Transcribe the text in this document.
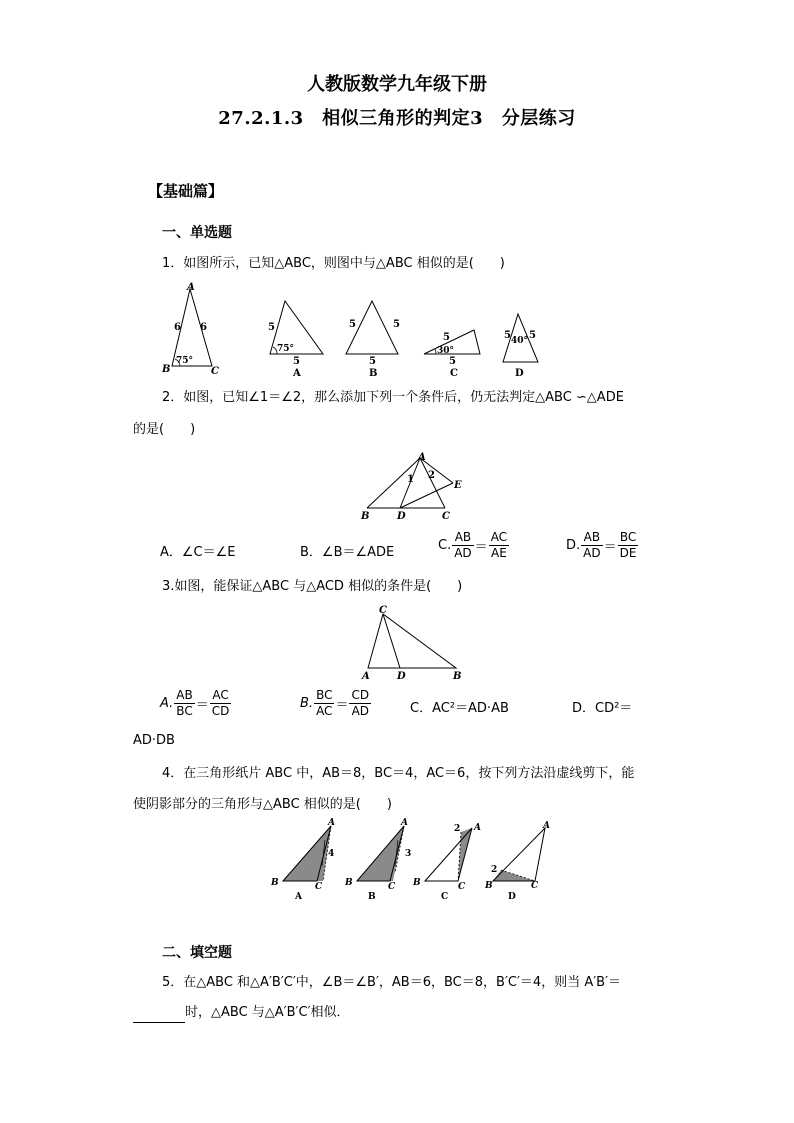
人教版数学九年级下册
27.2.1.3　相似三角形的判定3　分层练习
【基础篇】
一、单选题
1．如图所示，已知△ABC，则图中与△ABC 相似的是(　　)
A
B	C
6 6
75°
5
5
75°
A
5	5
5
B
5
5
30°
C
5 5
40°
D
2．如图，已知∠1＝∠2，那么添加下列一个条件后，仍无法判定△ABC ∽△ADE
的是(　　)
A
B	D	C
E
1 2
A．∠C＝∠E	B．∠B＝∠ADE	C. $\frac{AB}{AD} = \frac{AC}{AE}$	D. $\frac{AB}{AD} = \frac{BC}{DE}$
3.如图，能保证△ABC 与△ACD 相似的条件是(　　)
C
A	D	B
A. $\frac{AB}{BC} = \frac{AC}{CD}$	B. $\frac{BC}{AC} = \frac{CD}{AD}$	C．AC²＝AD·AB	D．CD²＝
AD·DB
4．在三角形纸片 ABC 中，AB＝8，BC＝4，AC＝6，按下列方法沿虚线剪下，能
使阴影部分的三角形与△ABC 相似的是(　　)
A
B	C
4
A
A
B	C
3
B
A
B	C
2
C
A
B	C
2
D
二、填空题
5．在△ABC 和△A′B′C′中，∠B＝∠B′，AB＝6，BC＝8，B′C′＝4，则当 A′B′＝
时，△ABC 与△A′B′C′相似．
